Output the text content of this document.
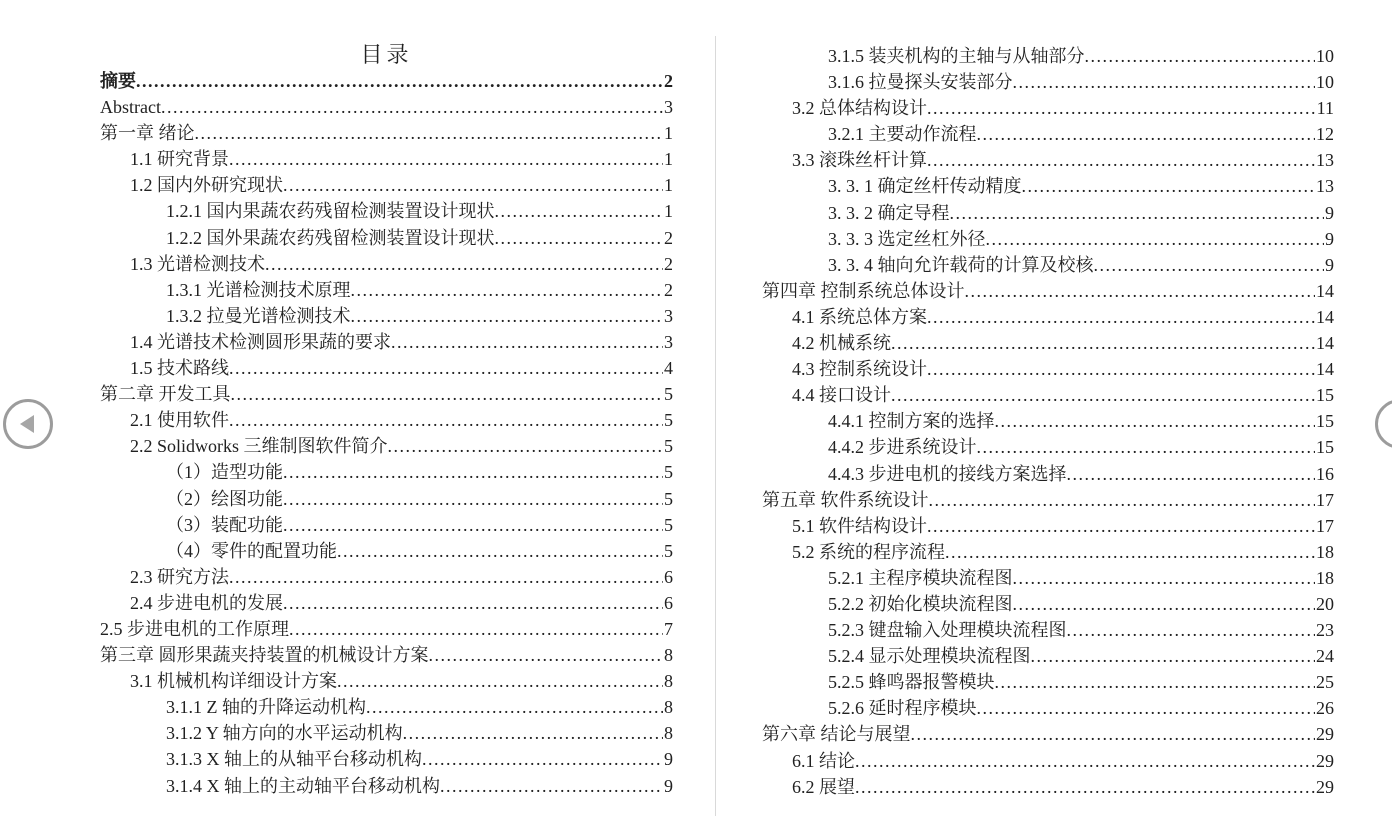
目录
摘要 .....	2
Abstract .....	3
第一章 绪论 .....	1
1.1 研究背景 .....	1
1.2 国内外研究现状 .....	1
1.2.1 国内果蔬农药残留检测装置设计现状 .....	1
1.2.2 国外果蔬农药残留检测装置设计现状 .....	2
1.3 光谱检测技术 .....	2
1.3.1 光谱检测技术原理 .....	2
1.3.2 拉曼光谱检测技术 .....	3
1.4 光谱技术检测圆形果蔬的要求 .....	3
1.5 技术路线 .....	4
第二章 开发工具 .....	5
2.1 使用软件 .....	5
2.2 Solidworks 三维制图软件简介 .....	5
（1）造型功能 .....	5
（2）绘图功能 .....	5
（3）装配功能 .....	5
（4）零件的配置功能 .....	5
2.3 研究方法 .....	6
2.4 步进电机的发展 .....	6
2.5 步进电机的工作原理 .....	7
第三章 圆形果蔬夹持装置的机械设计方案 .....	8
3.1 机械机构详细设计方案 .....	8
3.1.1 Z 轴的升降运动机构 .....	8
3.1.2 Y 轴方向的水平运动机构 .....	8
3.1.3 X 轴上的从轴平台移动机构 .....	9
3.1.4 X 轴上的主动轴平台移动机构 .....	9
3.1.5 装夹机构的主轴与从轴部分 .....	10
3.1.6 拉曼探头安装部分 .....	10
3.2 总体结构设计 .....	11
3.2.1 主要动作流程 .....	12
3.3 滚珠丝杆计算 .....	13
3. 3. 1 确定丝杆传动精度 .....	13
3. 3. 2 确定导程 .....	9
3. 3. 3 选定丝杠外径 .....	9
3. 3. 4 轴向允许载荷的计算及校核 .....	9
第四章 控制系统总体设计 .....	14
4.1 系统总体方案 .....	14
4.2 机械系统 .....	14
4.3 控制系统设计 .....	14
4.4 接口设计 .....	15
4.4.1 控制方案的选择 .....	15
4.4.2 步进系统设计 .....	15
4.4.3 步进电机的接线方案选择 .....	16
第五章 软件系统设计 .....	17
5.1 软件结构设计 .....	17
5.2 系统的程序流程 .....	18
5.2.1 主程序模块流程图 .....	18
5.2.2 初始化模块流程图 .....	20
5.2.3 键盘输入处理模块流程图 .....	23
5.2.4 显示处理模块流程图 .....	24
5.2.5 蜂鸣器报警模块 .....	25
5.2.6 延时程序模块 .....	26
第六章 结论与展望 .....	29
6.1 结论 .....	29
6.2 展望 .....	29
